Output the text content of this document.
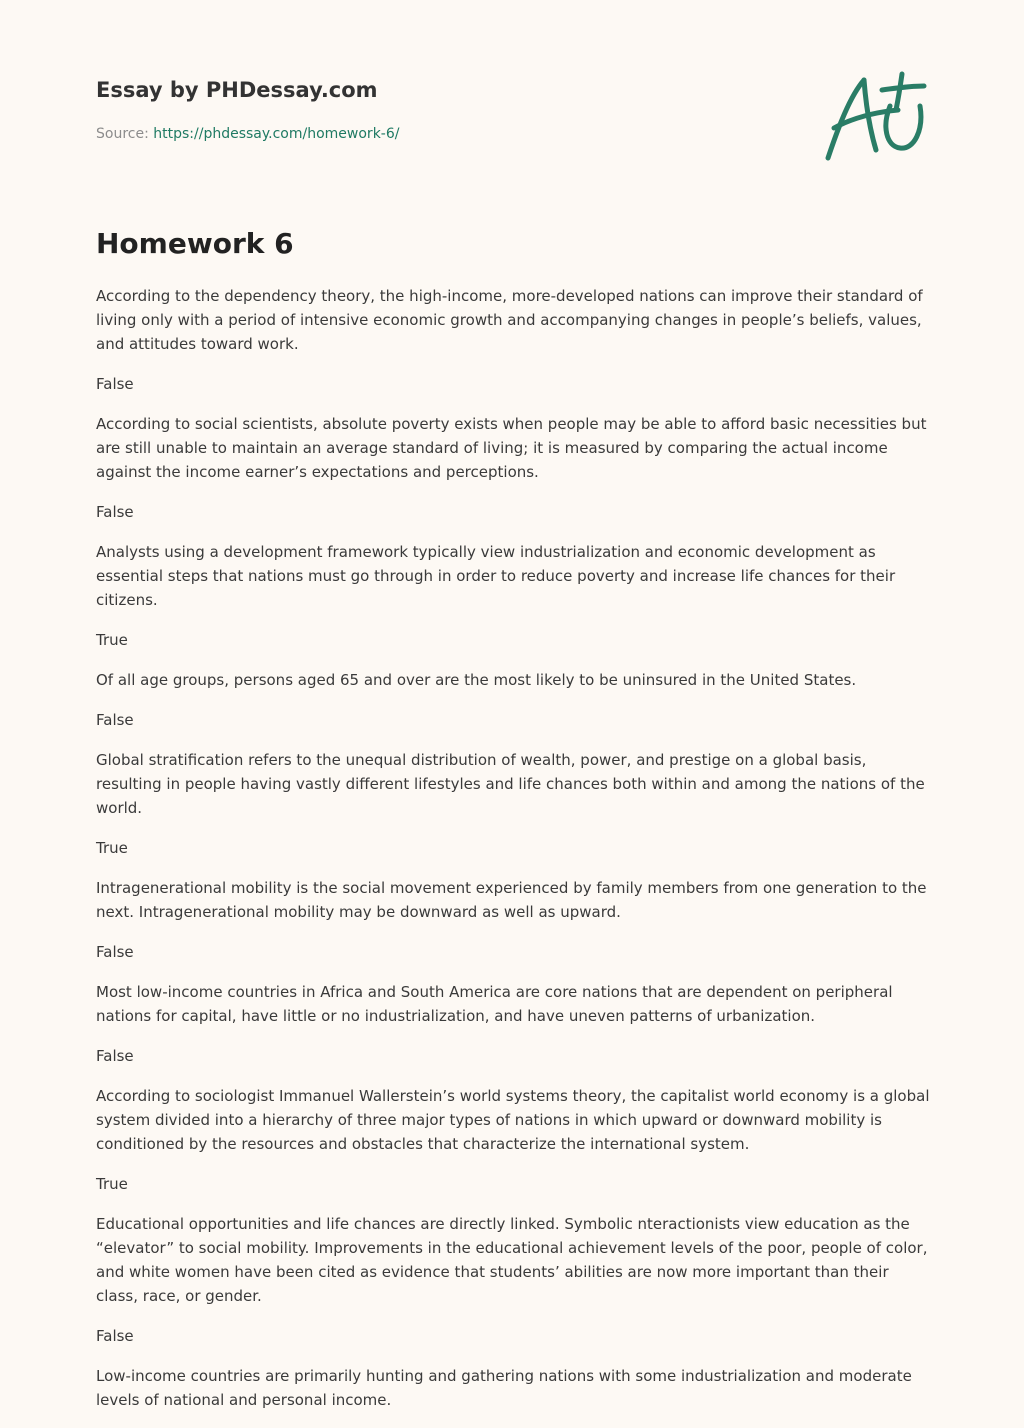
Essay by PHDessay.com
Source: https://phdessay.com/homework-6/
Homework 6

According to the dependency theory, the high-income, more-developed nations can improve their standard of living only with a period of intensive economic growth and accompanying changes in people’s beliefs, values, and attitudes toward work.

False

According to social scientists, absolute poverty exists when people may be able to afford basic necessities but are still unable to maintain an average standard of living; it is measured by comparing the actual income against the income earner’s expectations and perceptions.

False

Analysts using a development framework typically view industrialization and economic development as essential steps that nations must go through in order to reduce poverty and increase life chances for their citizens.

True

Of all age groups, persons aged 65 and over are the most likely to be uninsured in the United States.

False

Global stratification refers to the unequal distribution of wealth, power, and prestige on a global basis, resulting in people having vastly different lifestyles and life chances both within and among the nations of the world.

True

Intragenerational mobility is the social movement experienced by family members from one generation to the next. Intragenerational mobility may be downward as well as upward.

False

Most low-income countries in Africa and South America are core nations that are dependent on peripheral nations for capital, have little or no industrialization, and have uneven patterns of urbanization.

False

According to sociologist Immanuel Wallerstein’s world systems theory, the capitalist world economy is a global system divided into a hierarchy of three major types of nations in which upward or downward mobility is conditioned by the resources and obstacles that characterize the international system.

True

Educational opportunities and life chances are directly linked. Symbolic nteractionists view education as the “elevator” to social mobility. Improvements in the educational achievement levels of the poor, people of color, and white women have been cited as evidence that students’ abilities are now more important than their class, race, or gender.

False

Low-income countries are primarily hunting and gathering nations with some industrialization and moderate levels of national and personal income.
